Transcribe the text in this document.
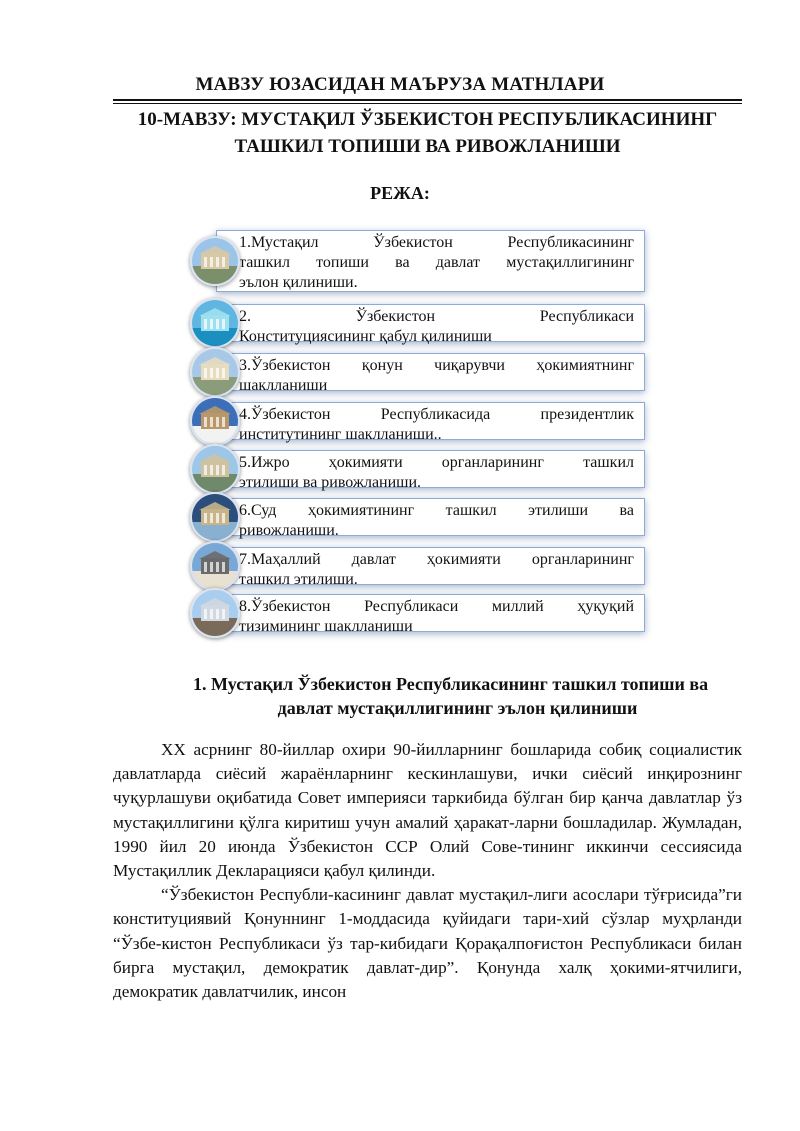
МАВЗУ ЮЗАСИДАН МАЪРУЗА МАТНЛАРИ
10-МАВЗУ: МУСТАҚИЛ ЎЗБЕКИСТОН РЕСПУБЛИКАСИНИНГ
ТАШКИЛ ТОПИШИ ВА РИВОЖЛАНИШИ
РЕЖА:
1.Мустақил Ўзбекистон Республикасининг
ташкил топиши ва давлат мустақиллигининг
эълон қилиниши.
2. Ўзбекистон Республикаси
Конституциясининг қабул қилиниши
3.Ўзбекистон қонун чиқарувчи ҳокимиятнинг
шаклланиши
4.Ўзбекистон Республикасида президентлик
институтининг шаклланиши..
5.Ижро ҳокимияти органларининг ташкил
этилиши ва ривожланиши.
6.Суд ҳокимиятининг ташкил этилиши ва
ривожланиши.
7.Маҳаллий давлат ҳокимияти органларининг
ташкил этилиши.
8.Ўзбекистон Республикаси миллий ҳуқуқий
тизимининг шаклланиши
1. Мустақил Ўзбекистон Республикасининг ташкил топиши ва
давлат мустақиллигининг эълон қилиниши

XX асрнинг 80-йиллар охири 90-йилларнинг бошларида собиқ социалистик давлатларда сиёсий жараёнларнинг кескинлашуви, ички сиёсий инқирознинг чуқурлашуви оқибатида Совет империяси таркибида бўлган бир қанча давлатлар ўз мустақиллигини қўлга киритиш учун амалий ҳаракат-ларни бошладилар. Жумладан, 1990 йил 20 июнда Ўзбекистон ССР Олий Сове-тининг иккинчи сессиясида Мустақиллик Декларацияси қабул қилинди.

“Ўзбекистон Республи-касининг давлат мустақил-лиги асослари тўғрисида”ги конституциявий Қонуннинг 1-моддасида қуйидаги тари-хий сўзлар муҳрланди “Ўзбе-кистон Республикаси ўз тар-кибидаги Қорақалпоғистон Республикаси билан бирга мустақил, демократик давлат-дир”. Қонунда халқ ҳокими-ятчилиги, демократик давлатчилик, инсон
